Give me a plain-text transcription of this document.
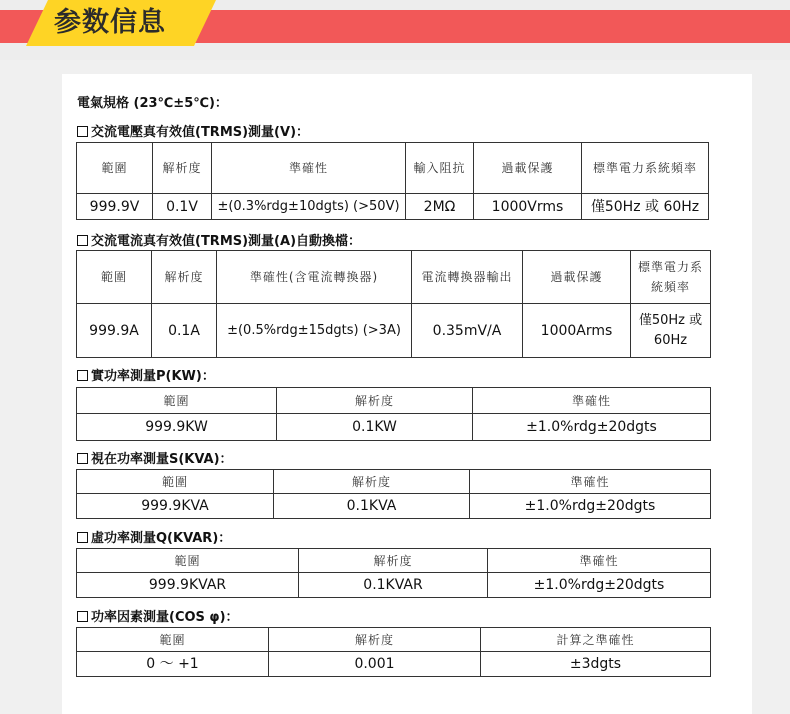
参数信息
電氣規格 (23℃±5℃)：
交流電壓真有效值(TRMS)測量(V)：
範圍	解析度	準確性	輸入阻抗	過載保護	標準電力系統頻率
999.9V	0.1V	±(0.3%rdg±10dgts) (>50V)	2MΩ	1000Vrms	僅50Hz 或 60Hz
交流電流真有效值(TRMS)測量(A)自動換檔：
範圍	解析度	準確性(含電流轉換器)	電流轉換器輸出	過載保護	標準電力系統頻率
999.9A	0.1A	±(0.5%rdg±15dgts) (>3A)	0.35mV/A	1000Arms	僅50Hz 或 60Hz
實功率測量P(KW)：
範圍	解析度	準確性
999.9KW	0.1KW	±1.0%rdg±20dgts
視在功率測量S(KVA)：
範圍	解析度	準確性
999.9KVA	0.1KVA	±1.0%rdg±20dgts
虛功率測量Q(KVAR)：
範圍	解析度	準確性
999.9KVAR	0.1KVAR	±1.0%rdg±20dgts
功率因素測量(COS φ)：
範圍	解析度	計算之準確性
0 ～ +1	0.001	±3dgts
